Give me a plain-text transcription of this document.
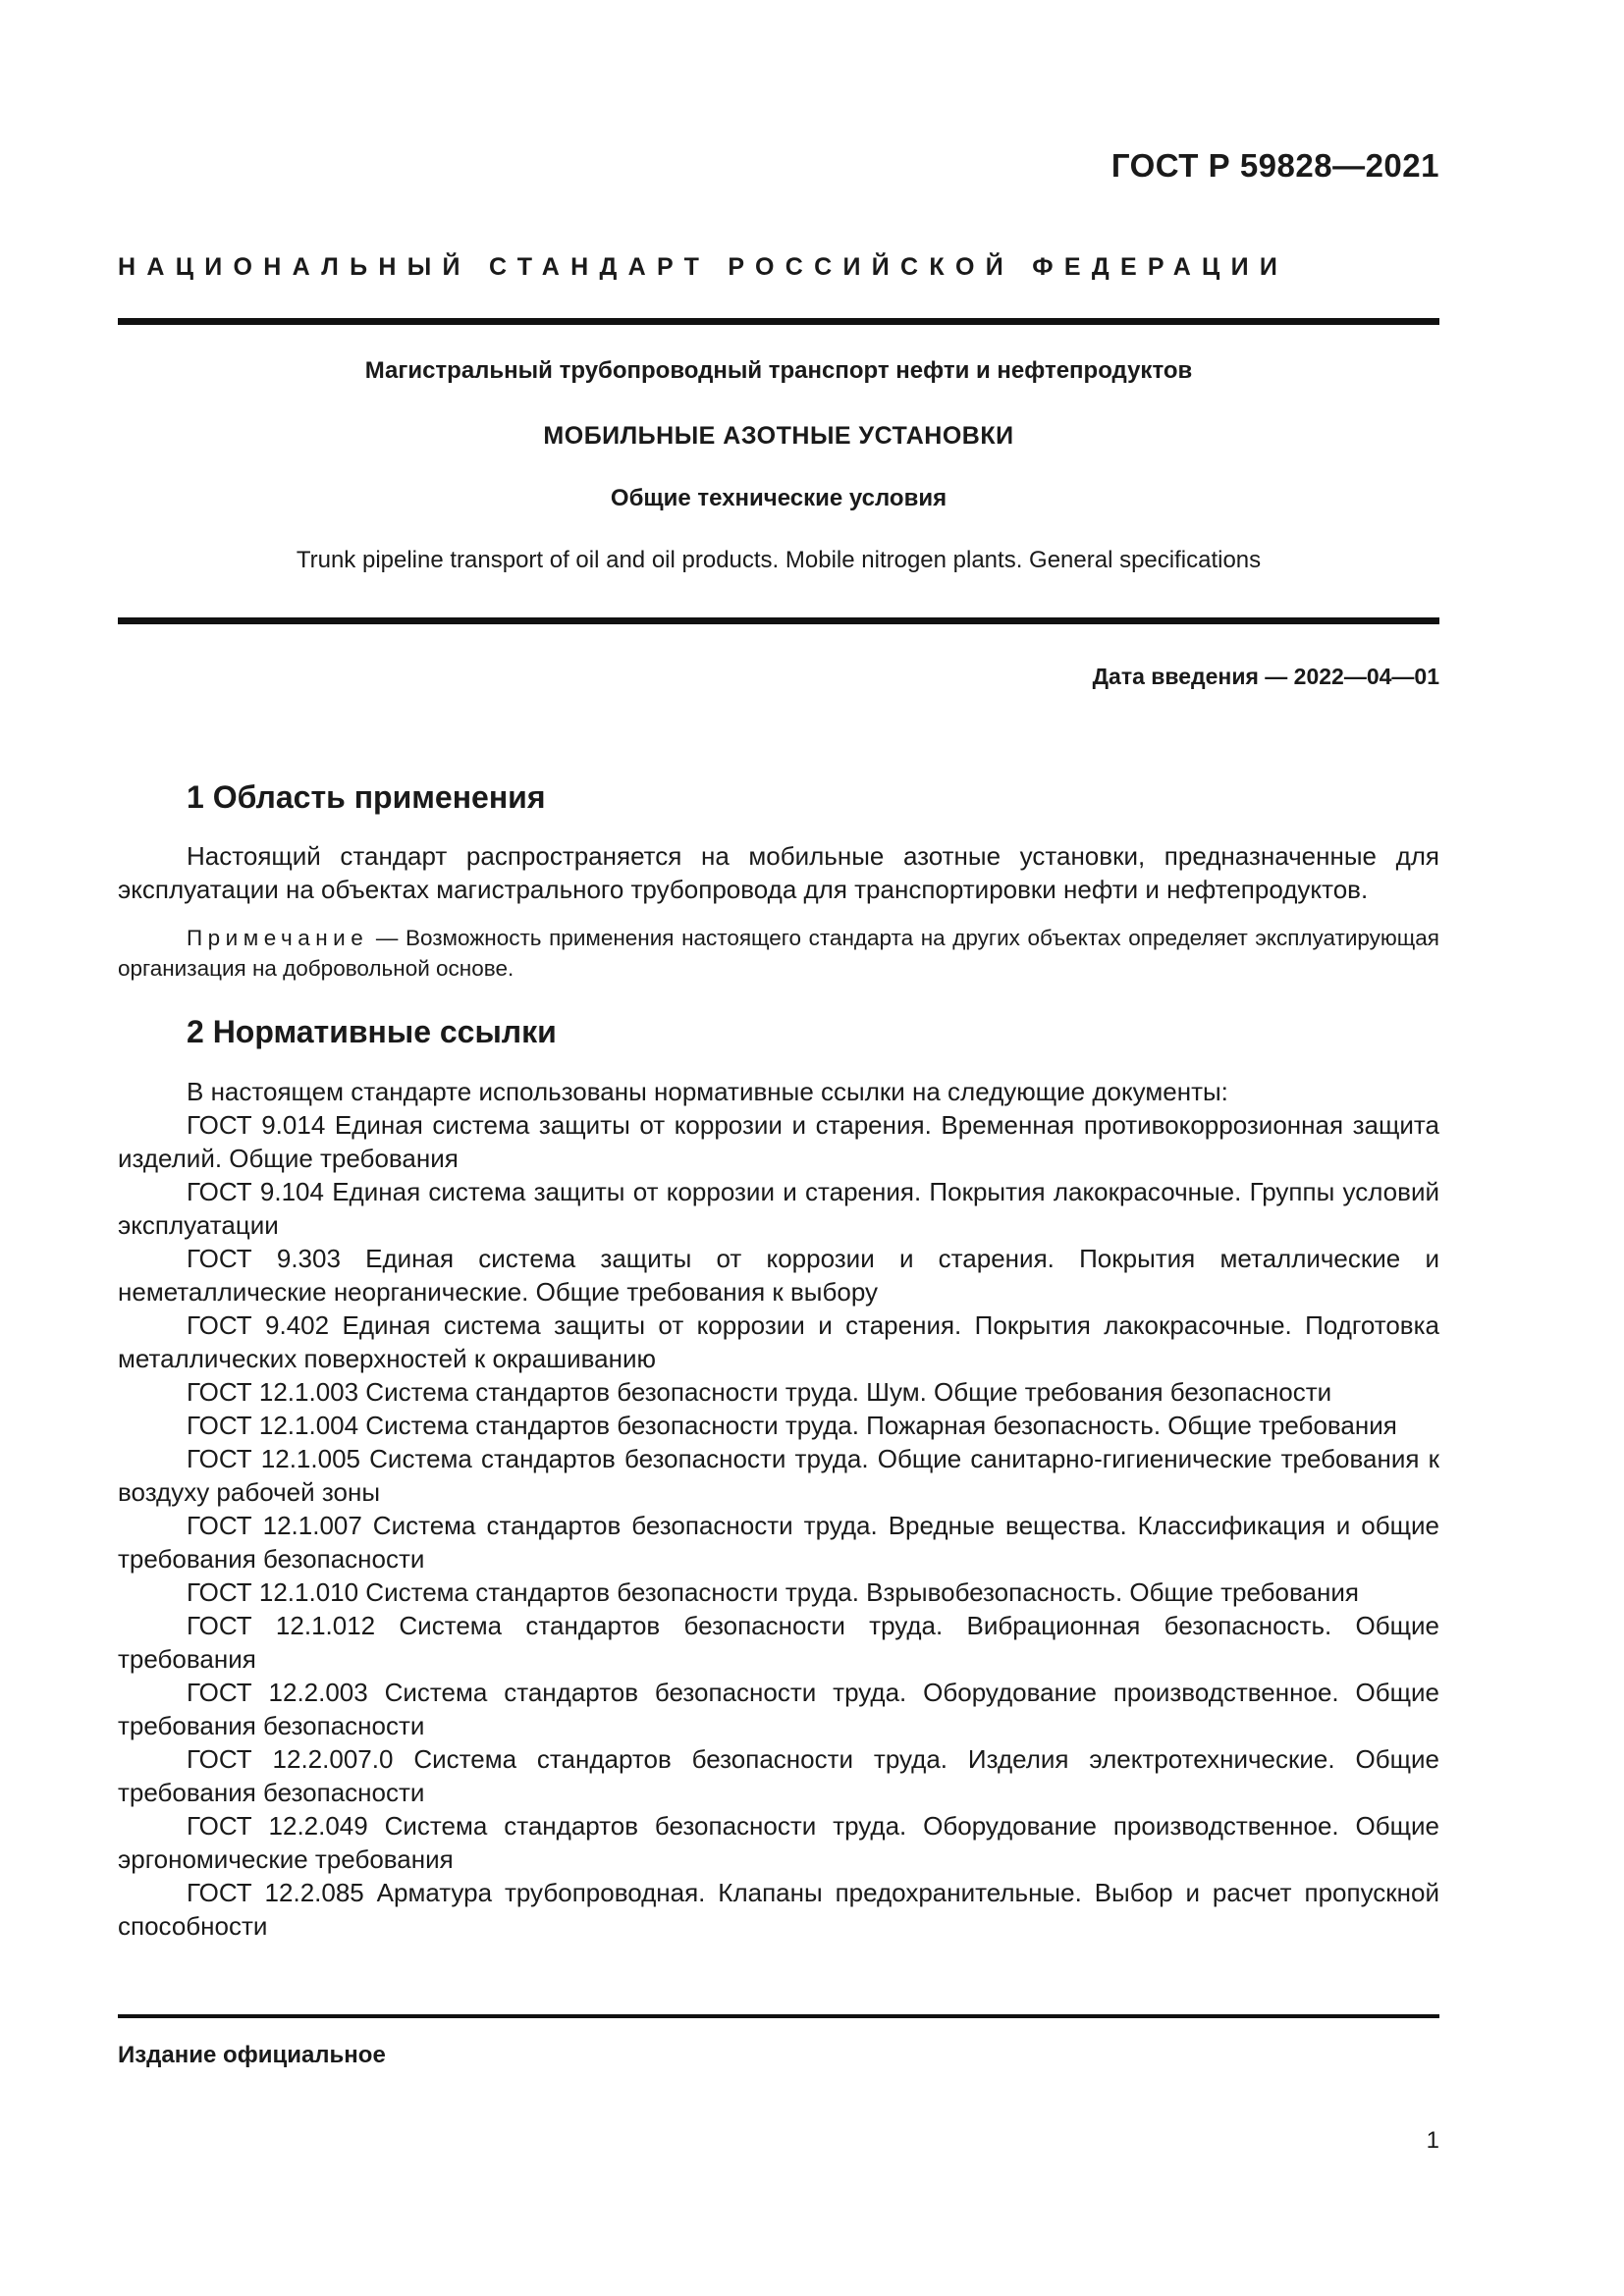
ГОСТ Р 59828—2021
НАЦИОНАЛЬНЫЙ СТАНДАРТ РОССИЙСКОЙ ФЕДЕРАЦИИ
Магистральный трубопроводный транспорт нефти и нефтепродуктов
МОБИЛЬНЫЕ АЗОТНЫЕ УСТАНОВКИ
Общие технические условия
Trunk pipeline transport of oil and oil products. Mobile nitrogen plants. General specifications
Дата введения — 2022—04—01
1 Область применения

Настоящий стандарт распространяется на мобильные азотные установки, предназначенные для эксплуатации на объектах магистрального трубопровода для транспортировки нефти и нефтепродуктов.

Примечание — Возможность применения настоящего стандарта на других объектах определяет эксплуатирующая организация на добровольной основе.

2 Нормативные ссылки

В настоящем стандарте использованы нормативные ссылки на следующие документы:

ГОСТ 9.014 Единая система защиты от коррозии и старения. Временная противокоррозионная защита изделий. Общие требования

ГОСТ 9.104 Единая система защиты от коррозии и старения. Покрытия лакокрасочные. Группы условий эксплуатации

ГОСТ 9.303 Единая система защиты от коррозии и старения. Покрытия металлические и неметаллические неорганические. Общие требования к выбору

ГОСТ 9.402 Единая система защиты от коррозии и старения. Покрытия лакокрасочные. Подготовка металлических поверхностей к окрашиванию

ГОСТ 12.1.003 Система стандартов безопасности труда. Шум. Общие требования безопасности

ГОСТ 12.1.004 Система стандартов безопасности труда. Пожарная безопасность. Общие требования

ГОСТ 12.1.005 Система стандартов безопасности труда. Общие санитарно-гигиенические требования к воздуху рабочей зоны

ГОСТ 12.1.007 Система стандартов безопасности труда. Вредные вещества. Классификация и общие требования безопасности

ГОСТ 12.1.010 Система стандартов безопасности труда. Взрывобезопасность. Общие требования

ГОСТ 12.1.012 Система стандартов безопасности труда. Вибрационная безопасность. Общие требования

ГОСТ 12.2.003 Система стандартов безопасности труда. Оборудование производственное. Общие требования безопасности

ГОСТ 12.2.007.0 Система стандартов безопасности труда. Изделия электротехнические. Общие требования безопасности

ГОСТ 12.2.049 Система стандартов безопасности труда. Оборудование производственное. Общие эргономические требования

ГОСТ 12.2.085 Арматура трубопроводная. Клапаны предохранительные. Выбор и расчет пропускной способности

Издание официальное
1
